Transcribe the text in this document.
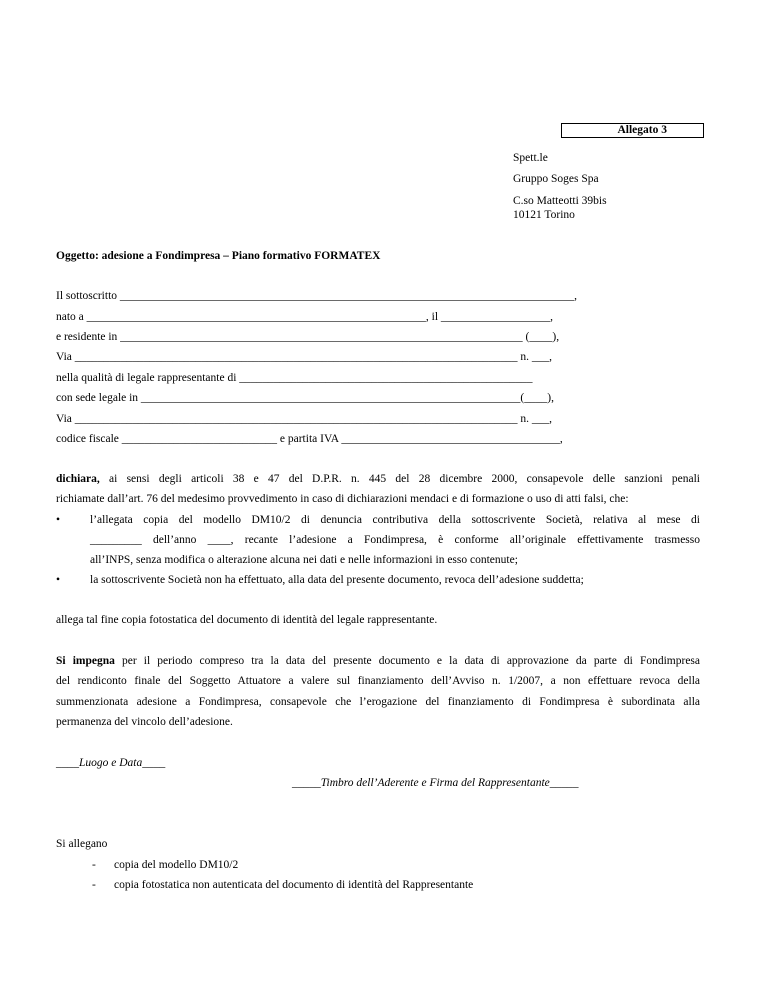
Allegato 3
Spett.le
Gruppo Soges Spa
C.so Matteotti 39bis
10121 Torino
Oggetto: adesione a Fondimpresa – Piano formativo FORMATEX
Il sottoscritto _______________________________________________________________________________,
nato a ___________________________________________________________, il ___________________,
e residente in ______________________________________________________________________ (____),
Via _____________________________________________________________________________ n. ___,
nella qualità di legale rappresentante di ___________________________________________________
con sede legale in __________________________________________________________________(____),
Via _____________________________________________________________________________ n. ___,
codice fiscale ___________________________ e partita IVA ______________________________________,
dichiara, ai sensi degli articoli 38 e 47 del D.P.R. n. 445 del 28 dicembre 2000, consapevole delle sanzioni penali
richiamate dall’art. 76 del medesimo provvedimento in caso di dichiarazioni mendaci e di formazione o uso di atti falsi, che:
•	l’allegata copia del modello DM10/2 di denuncia contributiva della sottoscrivente Società, relativa al mese di
_________ dell’anno ____, recante l’adesione a Fondimpresa, è conforme all’originale effettivamente trasmesso
all’INPS, senza modifica o alterazione alcuna nei dati e nelle informazioni in esso contenute;
•	la sottoscrivente Società non ha effettuato, alla data del presente documento, revoca dell’adesione suddetta;
allega tal fine copia fotostatica del documento di identità del legale rappresentante.
Si impegna per il periodo compreso tra la data del presente documento e la data di approvazione da parte di Fondimpresa
del rendiconto finale del Soggetto Attuatore a valere sul finanziamento dell’Avviso n. 1/2007, a non effettuare revoca della
summenzionata adesione a Fondimpresa, consapevole che l’erogazione del finanziamento di Fondimpresa è subordinata alla
permanenza del vincolo dell’adesione.
____Luogo e Data____
_____Timbro dell’Aderente e Firma del Rappresentante_____
Si allegano
- copia del modello DM10/2
- copia fotostatica non autenticata del documento di identità del Rappresentante
